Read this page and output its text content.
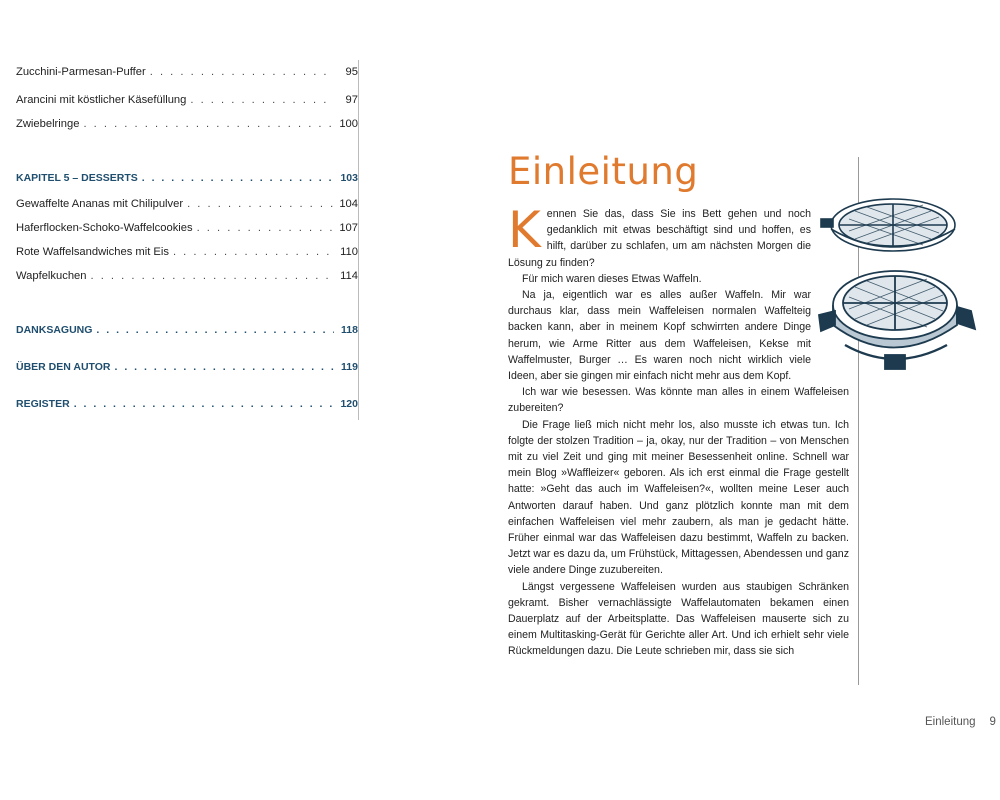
Zucchini-Parmesan-Puffer . . .	95
Arancini mit köstlicher Käsefüllung . . .	97
Zwiebelringe . . .	100
KAPITEL 5 – DESSERTS . . .	103
Gewaffelte Ananas mit Chilipulver . . .	104
Haferflocken-Schoko-Waffelcookies . . .	107
Rote Waffelsandwiches mit Eis . . .	110
Wapfelkuchen . . .	114
DANKSAGUNG . . .	118
ÜBER DEN AUTOR . . .	119
REGISTER . . .	120
Einleitung

K ennen Sie das, dass Sie ins Bett gehen und noch gedanklich mit etwas beschäftigt sind und hoffen, es hilft, darüber zu schlafen, um am nächsten Morgen die Lösung zu finden?

Für mich waren dieses Etwas Waffeln.

Na ja, eigentlich war es alles außer Waffeln. Mir war durchaus klar, dass mein Waffeleisen normalen Waffelteig backen kann, aber in meinem Kopf schwirrten andere Dinge herum, wie Arme Ritter aus dem Waffeleisen, Kekse mit Waffelmuster, Burger … Es waren noch nicht wirklich viele Ideen, aber sie gingen mir einfach nicht mehr aus dem Kopf.

Ich war wie besessen. Was könnte man alles in einem Waffeleisen zubereiten?

Die Frage ließ mich nicht mehr los, also musste ich etwas tun. Ich folgte der stolzen Tradition – ja, okay, nur der Tradition – von Menschen mit zu viel Zeit und ging mit meiner Besessenheit online. Schnell war mein Blog »Waffleizer« geboren. Als ich erst einmal die Frage gestellt hatte: »Geht das auch im Waffeleisen?«, wollten meine Leser auch Antworten darauf haben. Und ganz plötzlich konnte man mit dem einfachen Waffeleisen viel mehr zaubern, als man je gedacht hätte. Früher einmal war das Waffeleisen dazu bestimmt, Waffeln zu backen. Jetzt war es dazu da, um Frühstück, Mittagessen, Abendessen und ganz viele andere Dinge zuzubereiten.

Längst vergessene Waffeleisen wurden aus staubigen Schränken gekramt. Bisher vernachlässigte Waffelautomaten bekamen einen Dauerplatz auf der Arbeitsplatte. Das Waffeleisen mauserte sich zu einem Multitasking-Gerät für Gerichte aller Art. Und ich erhielt sehr viele Rückmeldungen dazu. Die Leute schrieben mir, dass sie sich

Einleitung 9
